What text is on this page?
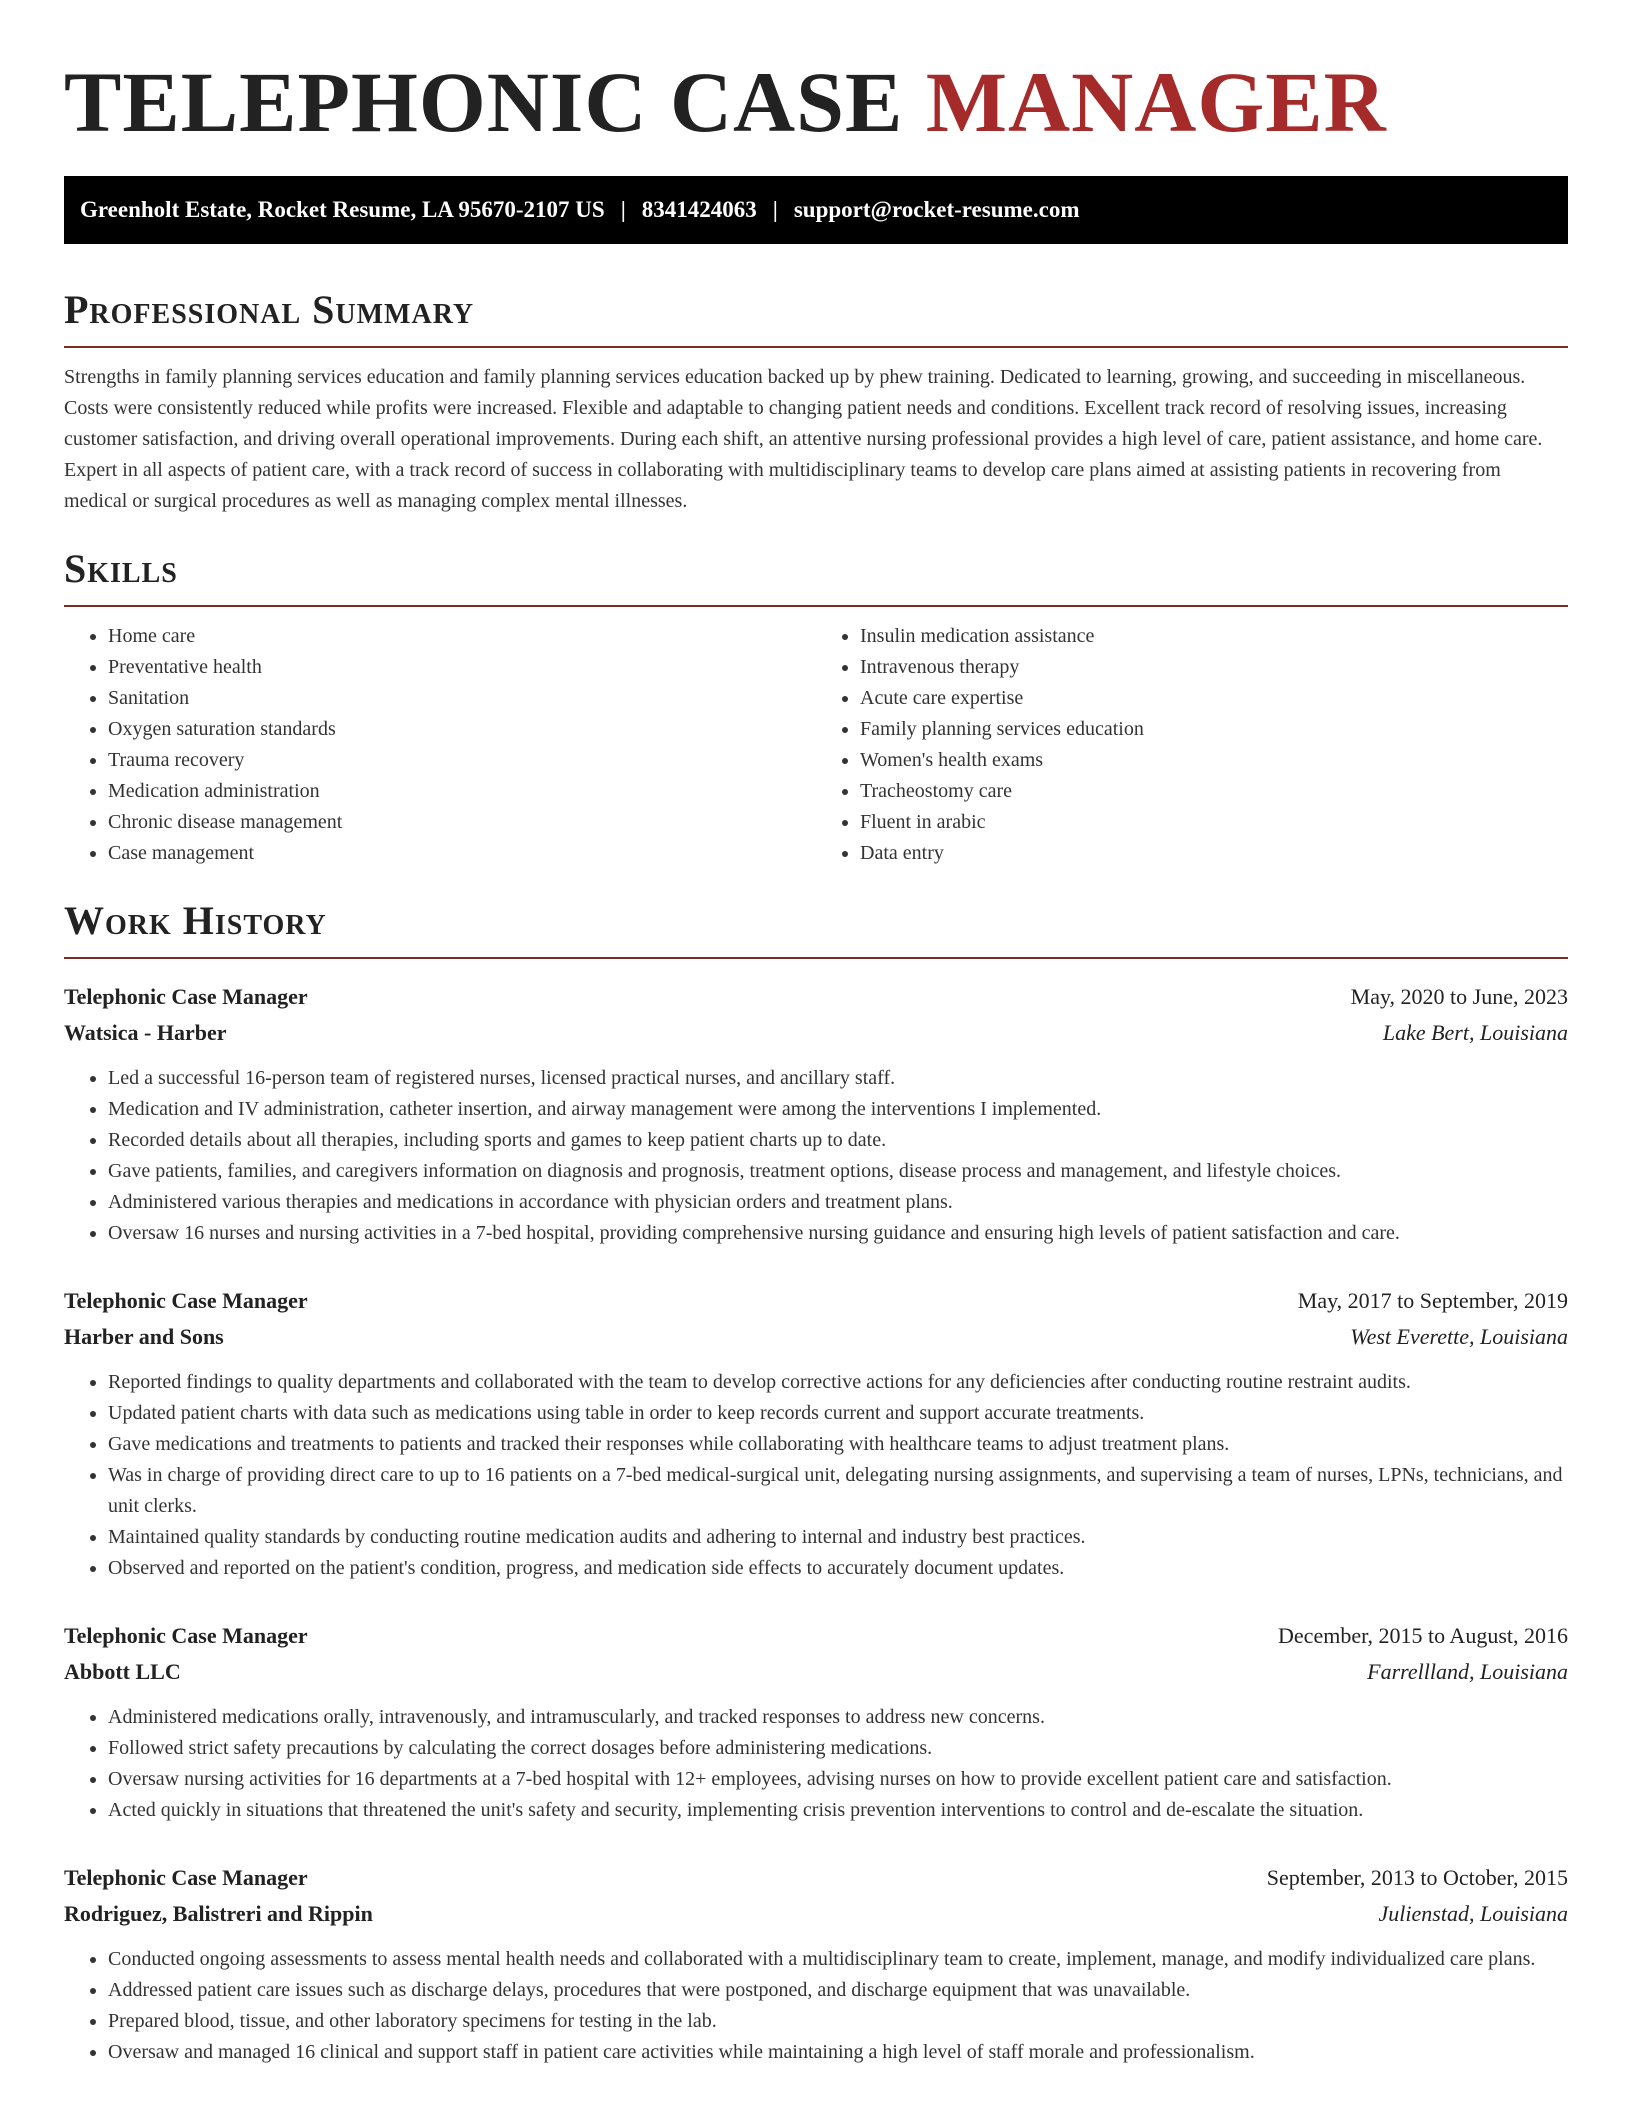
TELEPHONIC CASE MANAGER
Greenholt Estate, Rocket Resume, LA 95670-2107 US | 8341424063 | support@rocket-resume.com
Professional Summary

Strengths in family planning services education and family planning services education backed up by phew training. Dedicated to learning, growing, and succeeding in miscellaneous. Costs were consistently reduced while profits were increased. Flexible and adaptable to changing patient needs and conditions. Excellent track record of resolving issues, increasing customer satisfaction, and driving overall operational improvements. During each shift, an attentive nursing professional provides a high level of care, patient assistance, and home care. Expert in all aspects of patient care, with a track record of success in collaborating with multidisciplinary teams to develop care plans aimed at assisting patients in recovering from medical or surgical procedures as well as managing complex mental illnesses.

Skills
• Home care
• Preventative health
• Sanitation
• Oxygen saturation standards
• Trauma recovery
• Medication administration
• Chronic disease management
• Case management
• Insulin medication assistance
• Intravenous therapy
• Acute care expertise
• Family planning services education
• Women's health exams
• Tracheostomy care
• Fluent in arabic
• Data entry
Work History
Telephonic Case Manager	May, 2020 to June, 2023
Watsica - Harber	Lake Bert, Louisiana
• Led a successful 16-person team of registered nurses, licensed practical nurses, and ancillary staff.
• Medication and IV administration, catheter insertion, and airway management were among the interventions I implemented.
• Recorded details about all therapies, including sports and games to keep patient charts up to date.
• Gave patients, families, and caregivers information on diagnosis and prognosis, treatment options, disease process and management, and lifestyle choices.
• Administered various therapies and medications in accordance with physician orders and treatment plans.
• Oversaw 16 nurses and nursing activities in a 7-bed hospital, providing comprehensive nursing guidance and ensuring high levels of patient satisfaction and care.
Telephonic Case Manager	May, 2017 to September, 2019
Harber and Sons	West Everette, Louisiana
• Reported findings to quality departments and collaborated with the team to develop corrective actions for any deficiencies after conducting routine restraint audits.
• Updated patient charts with data such as medications using table in order to keep records current and support accurate treatments.
• Gave medications and treatments to patients and tracked their responses while collaborating with healthcare teams to adjust treatment plans.
• Was in charge of providing direct care to up to 16 patients on a 7-bed medical-surgical unit, delegating nursing assignments, and supervising a team of nurses, LPNs, technicians, and unit clerks.
• Maintained quality standards by conducting routine medication audits and adhering to internal and industry best practices.
• Observed and reported on the patient's condition, progress, and medication side effects to accurately document updates.
Telephonic Case Manager	December, 2015 to August, 2016
Abbott LLC	Farrellland, Louisiana
• Administered medications orally, intravenously, and intramuscularly, and tracked responses to address new concerns.
• Followed strict safety precautions by calculating the correct dosages before administering medications.
• Oversaw nursing activities for 16 departments at a 7-bed hospital with 12+ employees, advising nurses on how to provide excellent patient care and satisfaction.
• Acted quickly in situations that threatened the unit's safety and security, implementing crisis prevention interventions to control and de-escalate the situation.
Telephonic Case Manager	September, 2013 to October, 2015
Rodriguez, Balistreri and Rippin	Julienstad, Louisiana
• Conducted ongoing assessments to assess mental health needs and collaborated with a multidisciplinary team to create, implement, manage, and modify individualized care plans.
• Addressed patient care issues such as discharge delays, procedures that were postponed, and discharge equipment that was unavailable.
• Prepared blood, tissue, and other laboratory specimens for testing in the lab.
• Oversaw and managed 16 clinical and support staff in patient care activities while maintaining a high level of staff morale and professionalism.
